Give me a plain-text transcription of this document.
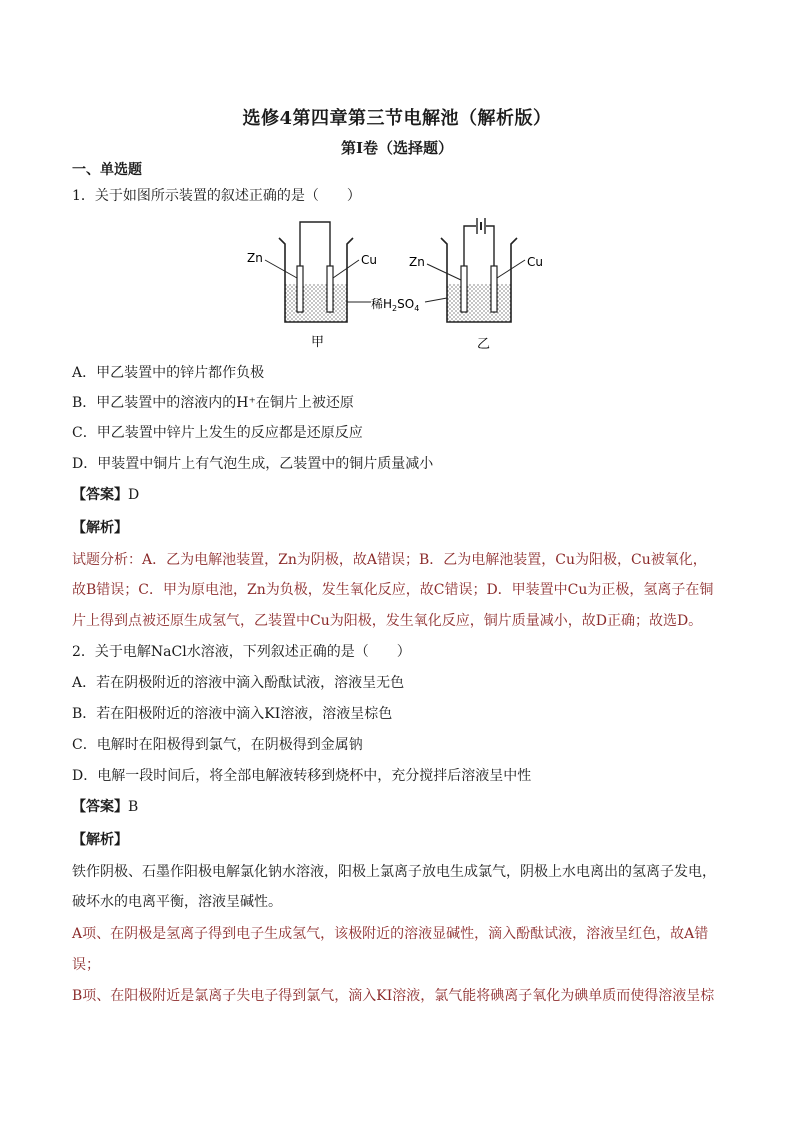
选修4第四章第三节电解池（解析版）
第I卷（选择题）
一、单选题
1．关于如图所示装置的叙述正确的是（　　）
Zn	Cu
甲
稀$H_2SO_4$
Zn	Cu
乙
A．甲乙装置中的锌片都作负极
B．甲乙装置中的溶液内的H⁺在铜片上被还原
C．甲乙装置中锌片上发生的反应都是还原反应
D．甲装置中铜片上有气泡生成，乙装置中的铜片质量减小
【答案】D
【解析】
试题分析：A．乙为电解池装置，Zn为阴极，故A错误；B．乙为电解池装置，Cu为阳极，Cu被氧化，
故B错误；C．甲为原电池，Zn为负极，发生氧化反应，故C错误；D．甲装置中Cu为正极，氢离子在铜
片上得到点被还原生成氢气，乙装置中Cu为阳极，发生氧化反应，铜片质量减小，故D正确；故选D。
2．关于电解NaCl水溶液，下列叙述正确的是（　　）
A．若在阴极附近的溶液中滴入酚酞试液，溶液呈无色
B．若在阳极附近的溶液中滴入KI溶液，溶液呈棕色
C．电解时在阳极得到氯气，在阴极得到金属钠
D．电解一段时间后，将全部电解液转移到烧杯中，充分搅拌后溶液呈中性
【答案】B
【解析】
铁作阴极、石墨作阳极电解氯化钠水溶液，阳极上氯离子放电生成氯气，阴极上水电离出的氢离子发电，
破坏水的电离平衡，溶液呈碱性。
A项、在阴极是氢离子得到电子生成氢气，该极附近的溶液显碱性，滴入酚酞试液，溶液呈红色，故A错
误；
B项、在阳极附近是氯离子失电子得到氯气，滴入KI溶液，氯气能将碘离子氧化为碘单质而使得溶液呈棕
